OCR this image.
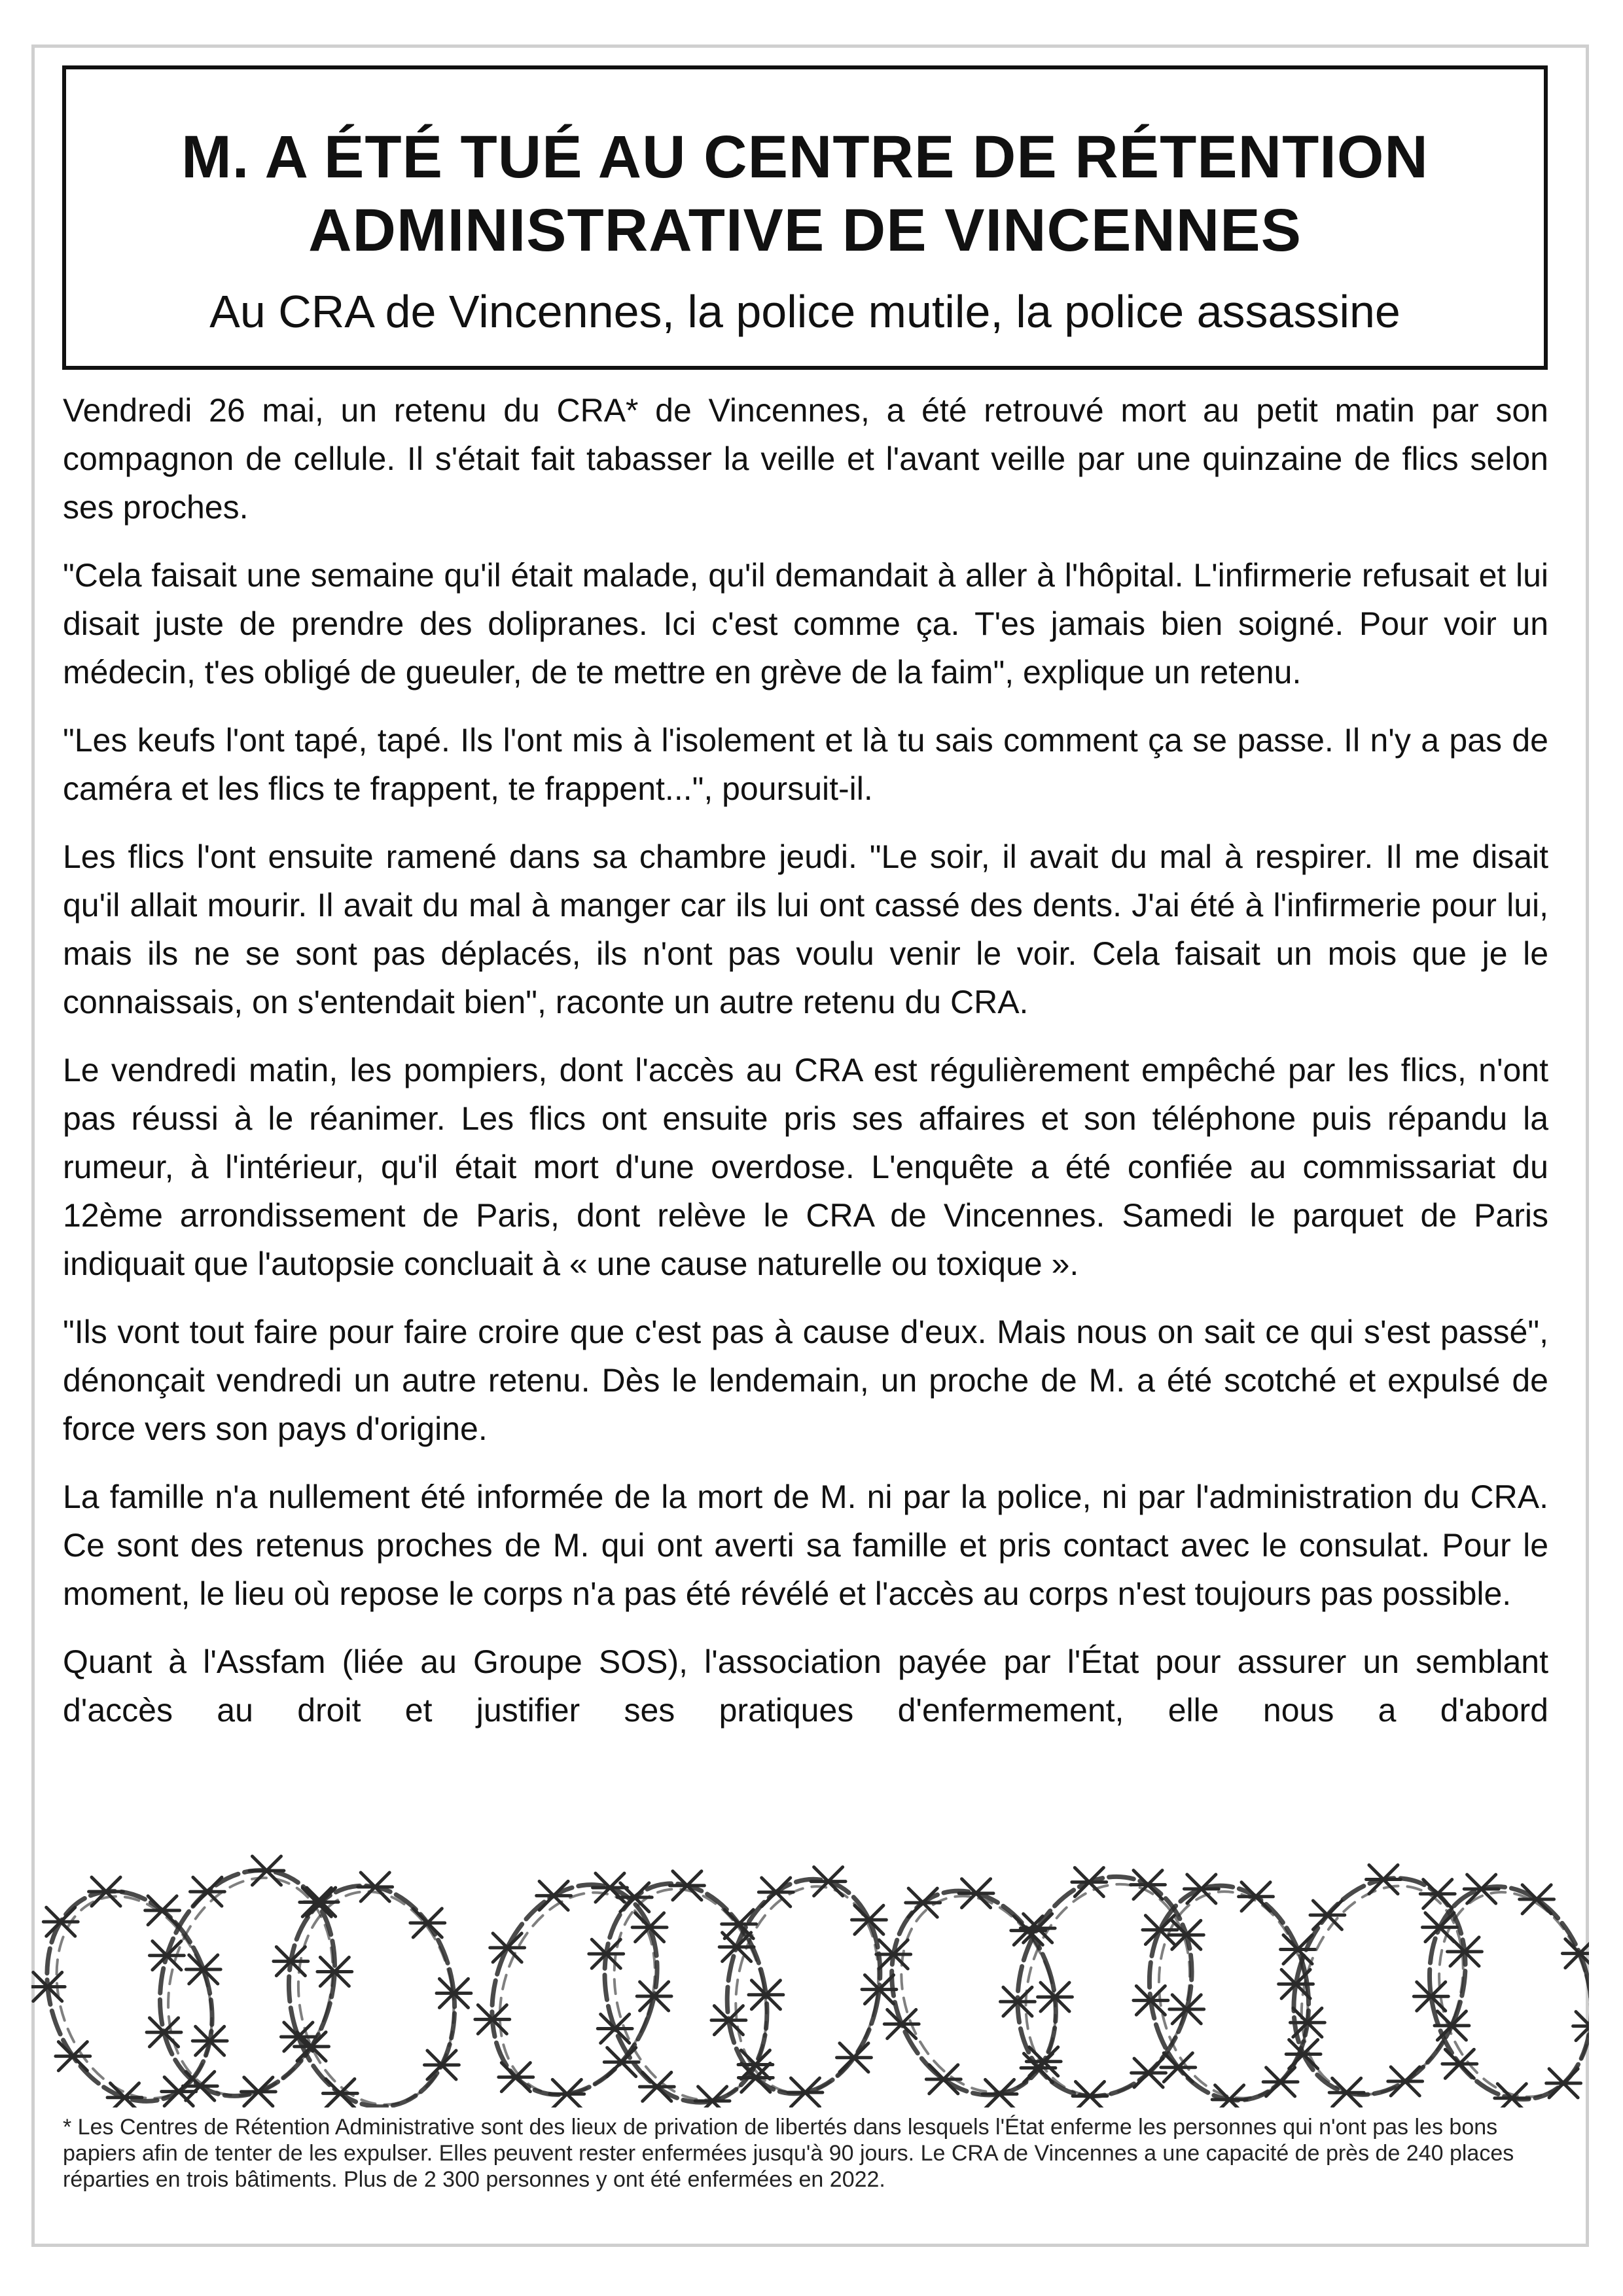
M. A ÉTÉ TUÉ AU CENTRE DE RÉTENTION
ADMINISTRATIVE DE VINCENNES
Au CRA de Vincennes, la police mutile, la police assassine

Vendredi 26 mai, un retenu du CRA* de Vincennes, a été retrouvé mort au petit matin par son compagnon de cellule. Il s'était fait tabasser la veille et l'avant veille par une quinzaine de flics selon ses proches.

"Cela faisait une semaine qu'il était malade, qu'il demandait à aller à l'hôpital. L'infirmerie refusait et lui disait juste de prendre des dolipranes. Ici c'est comme ça. T'es jamais bien soigné. Pour voir un médecin, t'es obligé de gueuler, de te mettre en grève de la faim", explique un retenu.

"Les keufs l'ont tapé, tapé. Ils l'ont mis à l'isolement et là tu sais comment ça se passe. Il n'y a pas de caméra et les flics te frappent, te frappent...", poursuit-il.

Les flics l'ont ensuite ramené dans sa chambre jeudi. "Le soir, il avait du mal à respirer. Il me disait qu'il allait mourir. Il avait du mal à manger car ils lui ont cassé des dents. J'ai été à l'infirmerie pour lui, mais ils ne se sont pas déplacés, ils n'ont pas voulu venir le voir. Cela faisait un mois que je le connaissais, on s'entendait bien", raconte un autre retenu du CRA.

Le vendredi matin, les pompiers, dont l'accès au CRA est régulièrement empêché par les flics, n'ont pas réussi à le réanimer. Les flics ont ensuite pris ses affaires et son téléphone puis répandu la rumeur, à l'intérieur, qu'il était mort d'une overdose. L'enquête a été confiée au commissariat du 12ème arrondissement de Paris, dont relève le CRA de Vincennes. Samedi le parquet de Paris indiquait que l'autopsie concluait à « une cause naturelle ou toxique ».

"Ils vont tout faire pour faire croire que c'est pas à cause d'eux. Mais nous on sait ce qui s'est passé", dénonçait vendredi un autre retenu. Dès le lendemain, un proche de M. a été scotché et expulsé de force vers son pays d'origine.

La famille n'a nullement été informée de la mort de M. ni par la police, ni par l'administration du CRA. Ce sont des retenus proches de M. qui ont averti sa famille et pris contact avec le consulat. Pour le moment, le lieu où repose le corps n'a pas été révélé et l'accès au corps n'est toujours pas possible.

Quant à l'Assfam (liée au Groupe SOS), l'association payée par l'État pour assurer un semblant d'accès au droit et justifier ses pratiques d'enfermement, elle nous a d'abord

* Les Centres de Rétention Administrative sont des lieux de privation de libertés dans lesquels l'État enferme les personnes qui n'ont pas les bons papiers afin de tenter de les expulser. Elles peuvent rester enfermées jusqu'à 90 jours. Le CRA de Vincennes a une capacité de près de 240 places réparties en trois bâtiments. Plus de 2 300 personnes y ont été enfermées en 2022.
